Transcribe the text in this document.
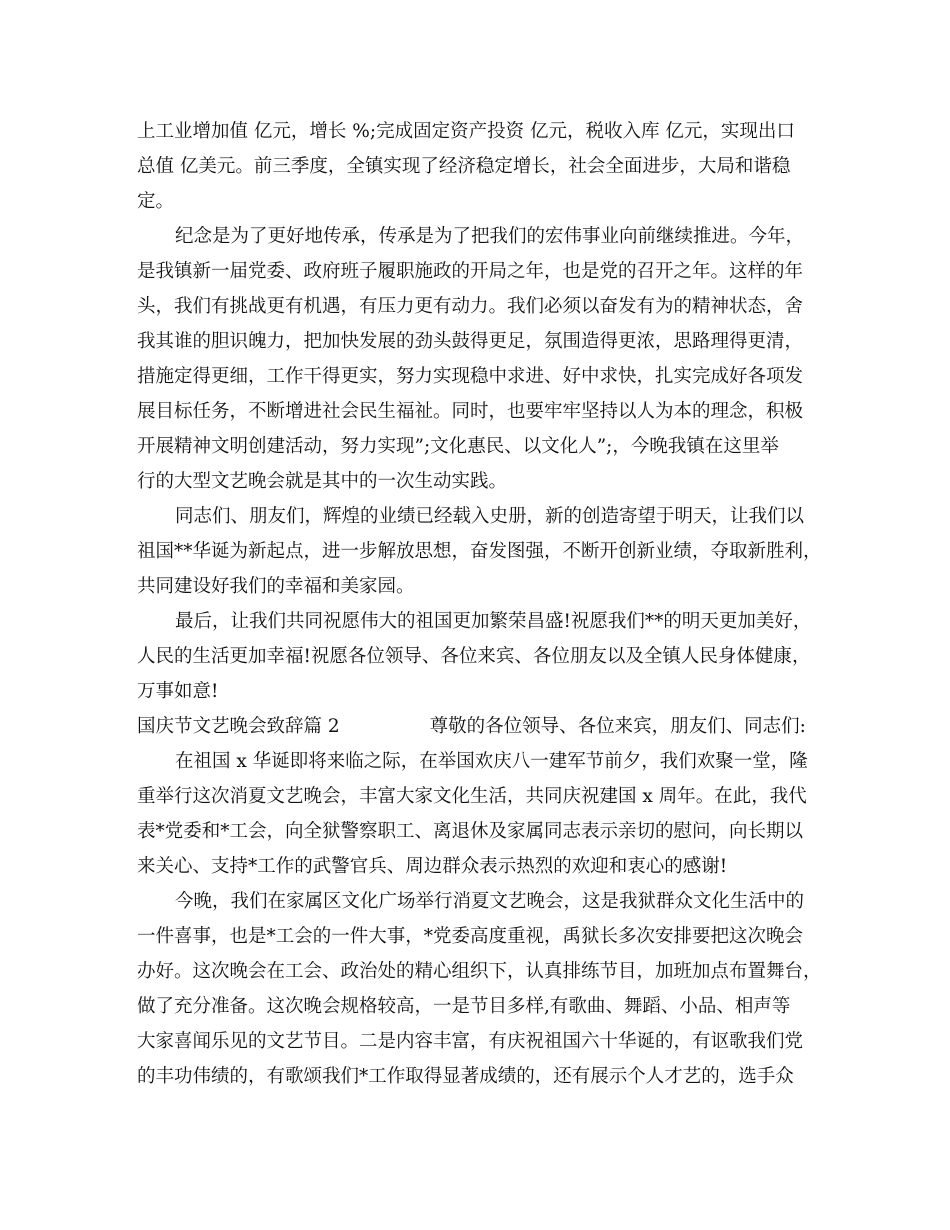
上工业增加值 亿元，增长 %;完成固定资产投资 亿元，税收入库 亿元，实现出口
总值 亿美元。前三季度，全镇实现了经济稳定增长，社会全面进步，大局和谐稳
定。
纪念是为了更好地传承，传承是为了把我们的宏伟事业向前继续推进。今年，
是我镇新一届党委、政府班子履职施政的开局之年，也是党的召开之年。这样的年
头，我们有挑战更有机遇，有压力更有动力。我们必须以奋发有为的精神状态，舍
我其谁的胆识魄力，把加快发展的劲头鼓得更足，氛围造得更浓，思路理得更清，
措施定得更细，工作干得更实，努力实现稳中求进、好中求快，扎实完成好各项发
展目标任务，不断增进社会民生福祉。同时，也要牢牢坚持以人为本的理念，积极
开展精神文明创建活动，努力实现”;文化惠民、以文化人”;，今晚我镇在这里举
行的大型文艺晚会就是其中的一次生动实践。
同志们、朋友们，辉煌的业绩已经载入史册，新的创造寄望于明天，让我们以
祖国**华诞为新起点，进一步解放思想，奋发图强，不断开创新业绩，夺取新胜利，
共同建设好我们的幸福和美家园。
最后，让我们共同祝愿伟大的祖国更加繁荣昌盛!祝愿我们**的明天更加美好，
人民的生活更加幸福!祝愿各位领导、各位来宾、各位朋友以及全镇人民身体健康，
万事如意!
国庆节文艺晚会致辞篇 2	尊敬的各位领导、各位来宾，朋友们、同志们:
在祖国 x 华诞即将来临之际，在举国欢庆八一建军节前夕，我们欢聚一堂，隆
重举行这次消夏文艺晚会，丰富大家文化生活，共同庆祝建国 x 周年。在此，我代
表*党委和*工会，向全狱警察职工、离退休及家属同志表示亲切的慰问，向长期以
来关心、支持*工作的武警官兵、周边群众表示热烈的欢迎和衷心的感谢!
今晚，我们在家属区文化广场举行消夏文艺晚会，这是我狱群众文化生活中的
一件喜事，也是*工会的一件大事，*党委高度重视，禹狱长多次安排要把这次晚会
办好。这次晚会在工会、政治处的精心组织下，认真排练节目，加班加点布置舞台，
做了充分准备。这次晚会规格较高，一是节目多样,有歌曲、舞蹈、小品、相声等
大家喜闻乐见的文艺节目。二是内容丰富，有庆祝祖国六十华诞的，有讴歌我们党
的丰功伟绩的，有歌颂我们*工作取得显著成绩的，还有展示个人才艺的，选手众
